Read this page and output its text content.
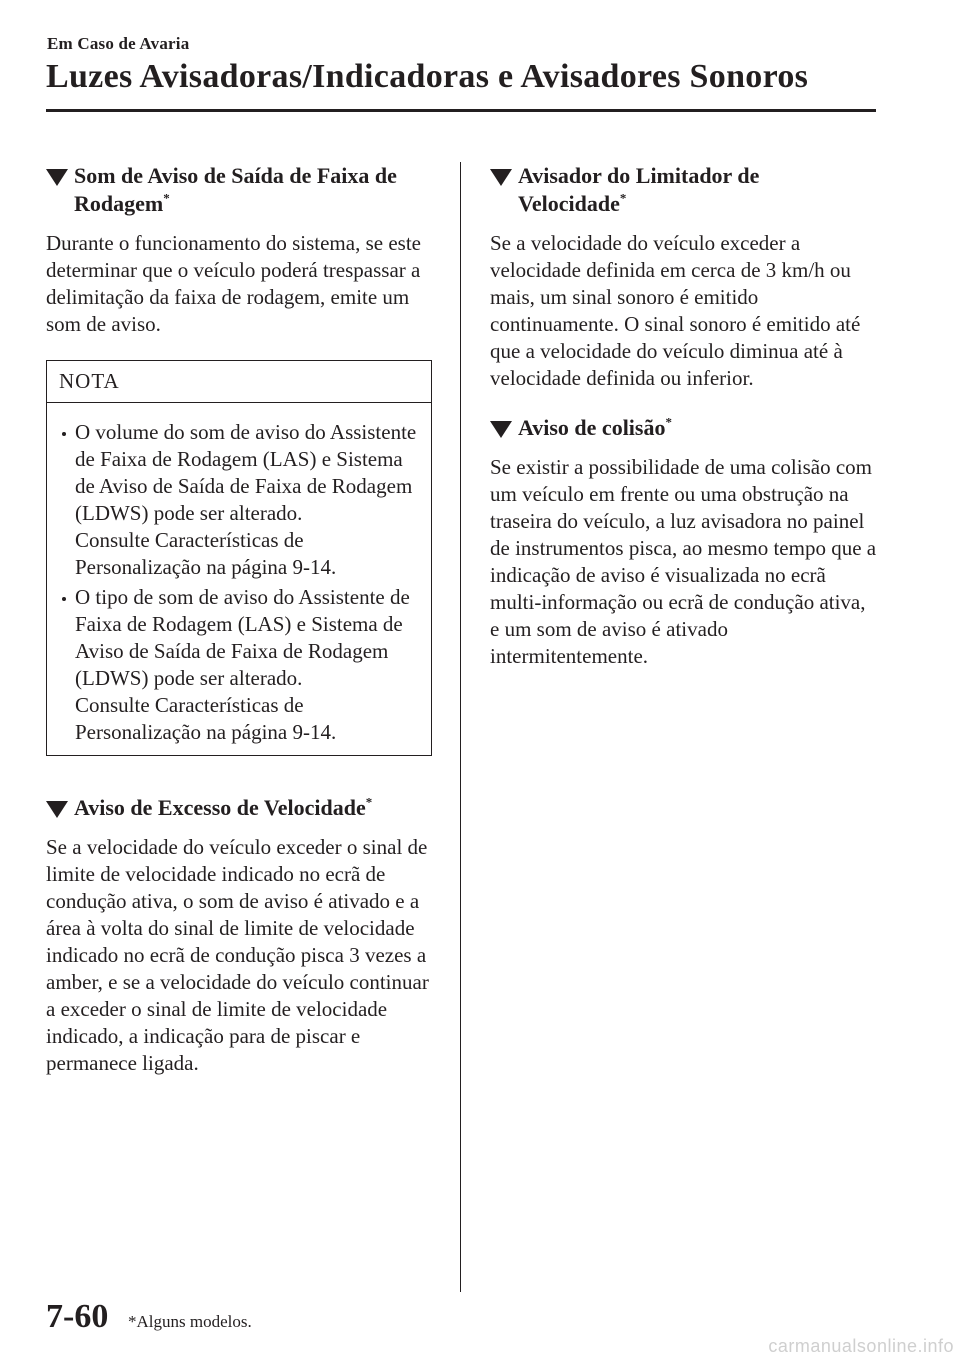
Em Caso de Avaria
Luzes Avisadoras/Indicadoras e Avisadores Sonoros
Som de Aviso de Saída de Faixa de
Rodagem*

Durante o funcionamento do sistema, se este determinar que o veículo poderá trespassar a delimitação da faixa de rodagem, emite um som de aviso.

NOTA

O volume do som de aviso do Assistente de Faixa de Rodagem (LAS) e Sistema de Aviso de Saída de Faixa de Rodagem (LDWS) pode ser alterado.

Consulte Características de Personalização na página 9-14.

O tipo de som de aviso do Assistente de Faixa de Rodagem (LAS) e Sistema de Aviso de Saída de Faixa de Rodagem (LDWS) pode ser alterado.

Consulte Características de Personalização na página 9-14.

Aviso de Excesso de Velocidade*

Se a velocidade do veículo exceder o sinal de limite de velocidade indicado no ecrã de condução ativa, o som de aviso é ativado e a área à volta do sinal de limite de velocidade indicado no ecrã de condução pisca 3 vezes a amber, e se a velocidade do veículo continuar a exceder o sinal de limite de velocidade indicado, a indicação para de piscar e permanece ligada.

Avisador do Limitador de
Velocidade*

Se a velocidade do veículo exceder a velocidade definida em cerca de 3 km/h ou mais, um sinal sonoro é emitido continuamente. O sinal sonoro é emitido até que a velocidade do veículo diminua até à velocidade definida ou inferior.

Aviso de colisão*

Se existir a possibilidade de uma colisão com um veículo em frente ou uma obstrução na traseira do veículo, a luz avisadora no painel de instrumentos pisca, ao mesmo tempo que a indicação de aviso é visualizada no ecrã multi-informação ou ecrã de condução ativa, e um som de aviso é ativado intermitentemente.

7-60 *Alguns modelos.
carmanualsonline.info
